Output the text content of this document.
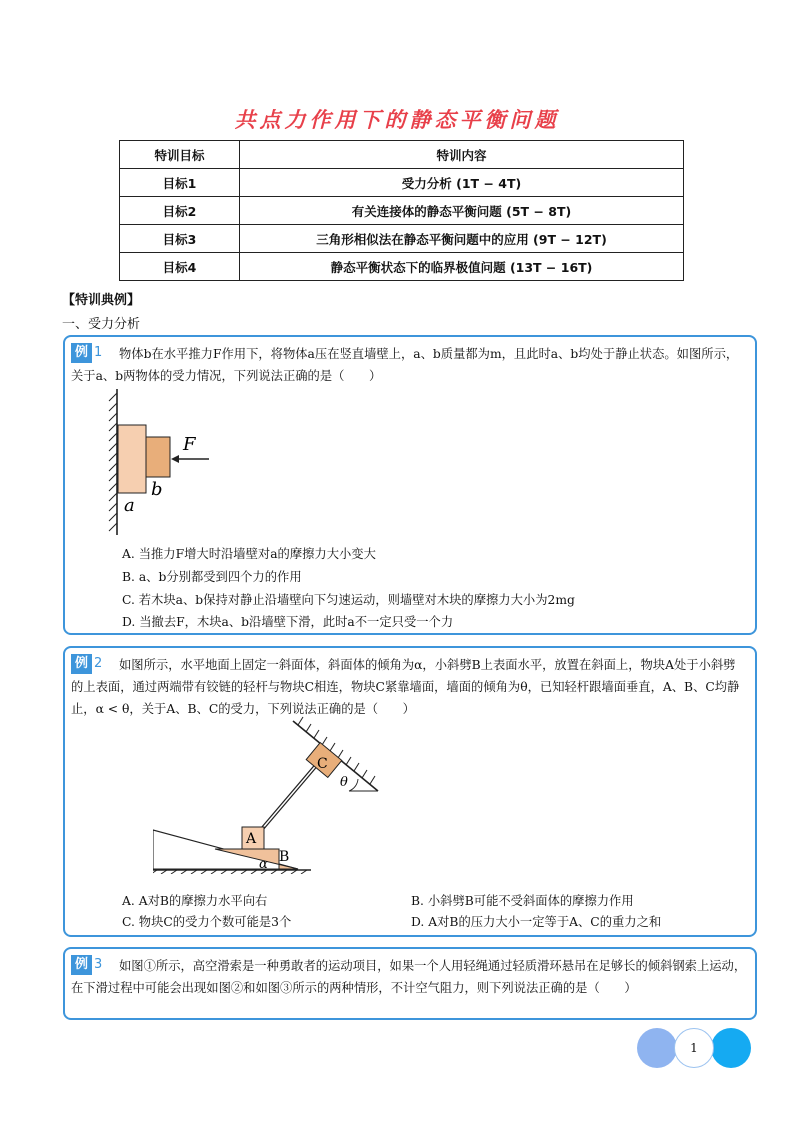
共点力作用下的静态平衡问题
特训目标	特训内容
目标1	受力分析 (1T − 4T)
目标2	有关连接体的静态平衡问题 (5T − 8T)
目标3	三角形相似法在静态平衡问题中的应用 (9T − 12T)
目标4	静态平衡状态下的临界极值问题 (13T − 16T)
【特训典例】
一、受力分析
例 1	物体b在水平推力F作用下，将物体a压在竖直墙壁上，a、b质量都为m，且此时a、b均处于静止状态。如图所示，关于a、b两物体的受力情况，下列说法正确的是（　　）
F
b
a
A. 当推力F增大时沿墙壁对a的摩擦力大小变大
B. a、b分别都受到四个力的作用
C. 若木块a、b保持对静止沿墙壁向下匀速运动，则墙壁对木块的摩擦力大小为2mg
D. 当撤去F，木块a、b沿墙壁下滑，此时a不一定只受一个力
例 2	如图所示，水平地面上固定一斜面体，斜面体的倾角为α，小斜劈B上表面水平，放置在斜面上，物块A处于小斜劈的上表面，通过两端带有铰链的轻杆与物块C相连，物块C紧靠墙面，墙面的倾角为θ，已知轻杆跟墙面垂直，A、B、C均静止，α < θ，关于A、B、C的受力，下列说法正确的是（　　）
C
θ
A
B
α
A. A对B的摩擦力水平向右	B. 小斜劈B可能不受斜面体的摩擦力作用
C. 物块C的受力个数可能是3个	D. A对B的压力大小一定等于A、C的重力之和
例 3	如图①所示，高空滑索是一种勇敢者的运动项目，如果一个人用轻绳通过轻质滑环悬吊在足够长的倾斜钢索上运动，在下滑过程中可能会出现如图②和如图③所示的两种情形，不计空气阻力，则下列说法正确的是（　　）
1
